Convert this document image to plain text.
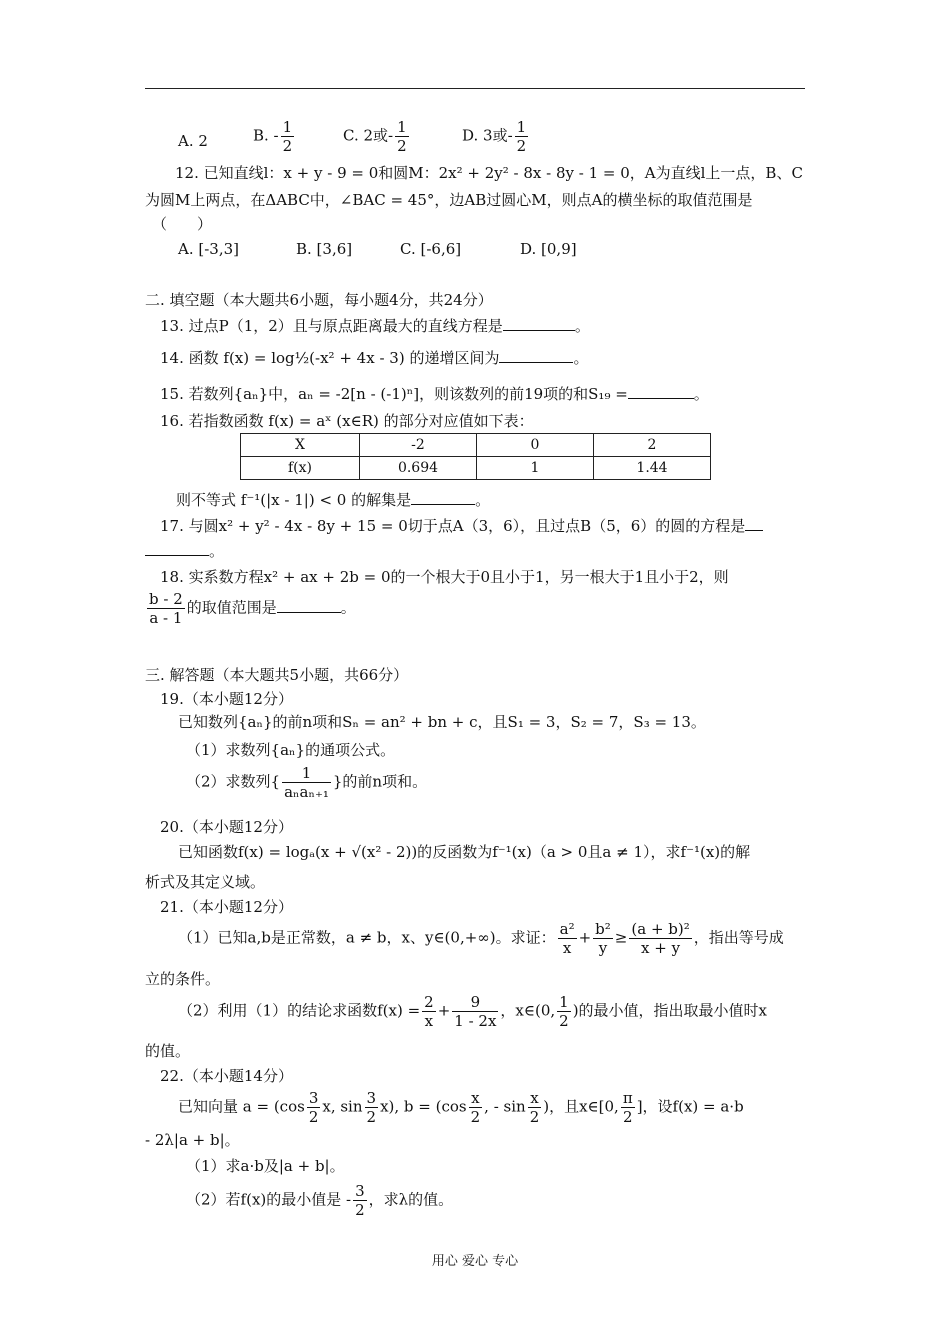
A. 2	B. - $\frac{1}{2}$	C. 2或- $\frac{1}{2}$	D. 3或- $\frac{1}{2}$
12. 已知直线l：x + y - 9 = 0和圆M：2x² + 2y² - 8x - 8y - 1 = 0，A为直线l上一点，B、C
为圆M上两点，在ΔABC中，∠BAC = 45°，边AB过圆心M，则点A的横坐标的取值范围是
（　　）
A. [-3,3]	B. [3,6]	C. [-6,6]	D. [0,9]
二. 填空题（本大题共6小题，每小题4分，共24分）
13. 过点P（1，2）且与原点距离最大的直线方程是	。
14. 函数 f(x) = log½(-x² + 4x - 3) 的递增区间为	。
15. 若数列{aₙ}中，aₙ = -2[n - (-1)ⁿ]，则该数列的前19项的和S₁₉ =	。
16. 若指数函数 f(x) = aˣ (x∈R) 的部分对应值如下表：
X	-2	0	2
f(x)	0.694	1	1.44
则不等式 f⁻¹(|x - 1|) < 0 的解集是	。
17. 与圆x² + y² - 4x - 8y + 15 = 0切于点A（3，6），且过点B（5，6）的圆的方程是
。
18. 实系数方程x² + ax + 2b = 0的一个根大于0且小于1，另一根大于1且小于2，则
$\frac{b - 2}{a - 1}$ 的取值范围是	。
三. 解答题（本大题共5小题，共66分）
19.（本小题12分）
已知数列{aₙ}的前n项和Sₙ = an² + bn + c，且S₁ = 3，S₂ = 7，S₃ = 13。
（1）求数列{aₙ}的通项公式。
（2）求数列{ $\frac{1}{\text{aₙaₙ₊₁}}$ }的前n项和。
20.（本小题12分）
已知函数f(x) = logₐ(x + √(x² - 2))的反函数为f⁻¹(x)（a > 0且a ≠ 1），求f⁻¹(x)的解
析式及其定义域。
21.（本小题12分）
（1）已知a,b是正常数，a ≠ b，x、y∈(0,+∞)。求证： $\frac{\text{a²}}{x} + \frac{\text{b²}}{y} \ge \frac{\text{(a + b)²}}{x + y}$ ，指出等号成
立的条件。
（2）利用（1）的结论求函数$f(x) = \frac{2}{x} + \frac{9}{1 - 2x}$ ，x∈(0, $\frac{1}{2}$ )的最小值，指出取最小值时x
的值。
22.（本小题14分）
已知向量 $a = (\cos \frac{3}{2} x$, $\sin \frac{3}{2} x$), $b = (\cos \frac{x}{2}$ , - $\sin \frac{x}{2}$ )，且x∈[0, $\frac{\pi}{2}$ ]，设f(x) = a·b
- 2λ|a + b|。
（1）求a·b及|a + b|。
（2）若f(x)的最小值是 - $\frac{3}{2}$ ，求λ的值。
用心 爱心 专心
